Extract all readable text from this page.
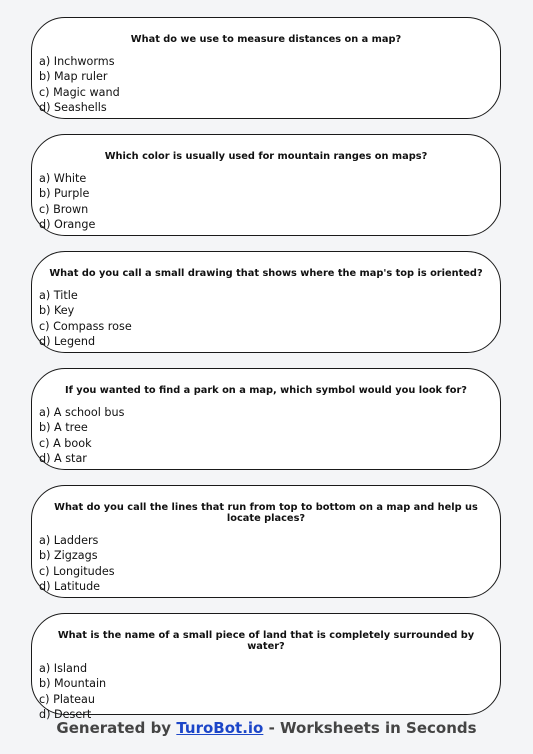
What do we use to measure distances on a map?
a) Inchworms
b) Map ruler
c) Magic wand
d) Seashells
Which color is usually used for mountain ranges on maps?
a) White
b) Purple
c) Brown
d) Orange
What do you call a small drawing that shows where the map's top is oriented?
a) Title
b) Key
c) Compass rose
d) Legend
If you wanted to find a park on a map, which symbol would you look for?
a) A school bus
b) A tree
c) A book
d) A star
What do you call the lines that run from top to bottom on a map and help us locate places?
a) Ladders
b) Zigzags
c) Longitudes
d) Latitude
What is the name of a small piece of land that is completely surrounded by water?
a) Island
b) Mountain
c) Plateau
d) Desert
Generated by TuroBot.io - Worksheets in Seconds
